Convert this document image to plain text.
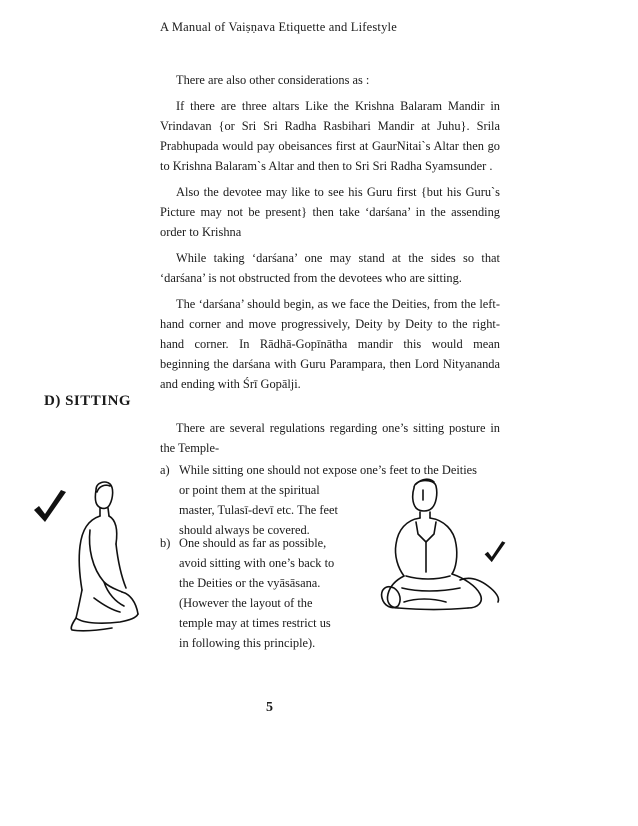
A Manual of Vaiṣṇava Etiquette and Lifestyle

There are also other considerations as :

If there are three altars Like the Krishna Balaram Mandir in Vrindavan {or Sri Sri Radha Rasbihari Mandir at Juhu}. Srila Prabhupada would pay obeisances first at GaurNitai`s Altar then go to Krishna Balaram`s Altar and then to Sri Sri Radha Syamsunder .

Also the devotee may like to see his Guru first {but his Guru`s Picture may not be present} then take ‘darśana’ in the assending order to Krishna

While taking ‘darśana’ one may stand at the sides so that ‘darśana’ is not obstructed from the devotees who are sitting.

The ‘darśana’ should begin, as we face the Deities, from the left-hand corner and move progressively, Deity by Deity to the right-hand corner. In Rādhā-Gopīnātha mandir this would mean beginning the darśana with Guru Parampara, then Lord Nityananda and ending with Śrī Gopālji.

D) SITTING

There are several regulations regarding one’s sitting posture in the Temple-

a) While sitting one should not expose one’s feet to the Deities
or point them at the spiritual
master, Tulasī-devī etc. The feet
should always be covered.
b) One should as far as possible,
avoid sitting with one’s back to
the Deities or the vyāsāsana.
(However the layout of the
temple may at times restrict us
in following this principle).
5
